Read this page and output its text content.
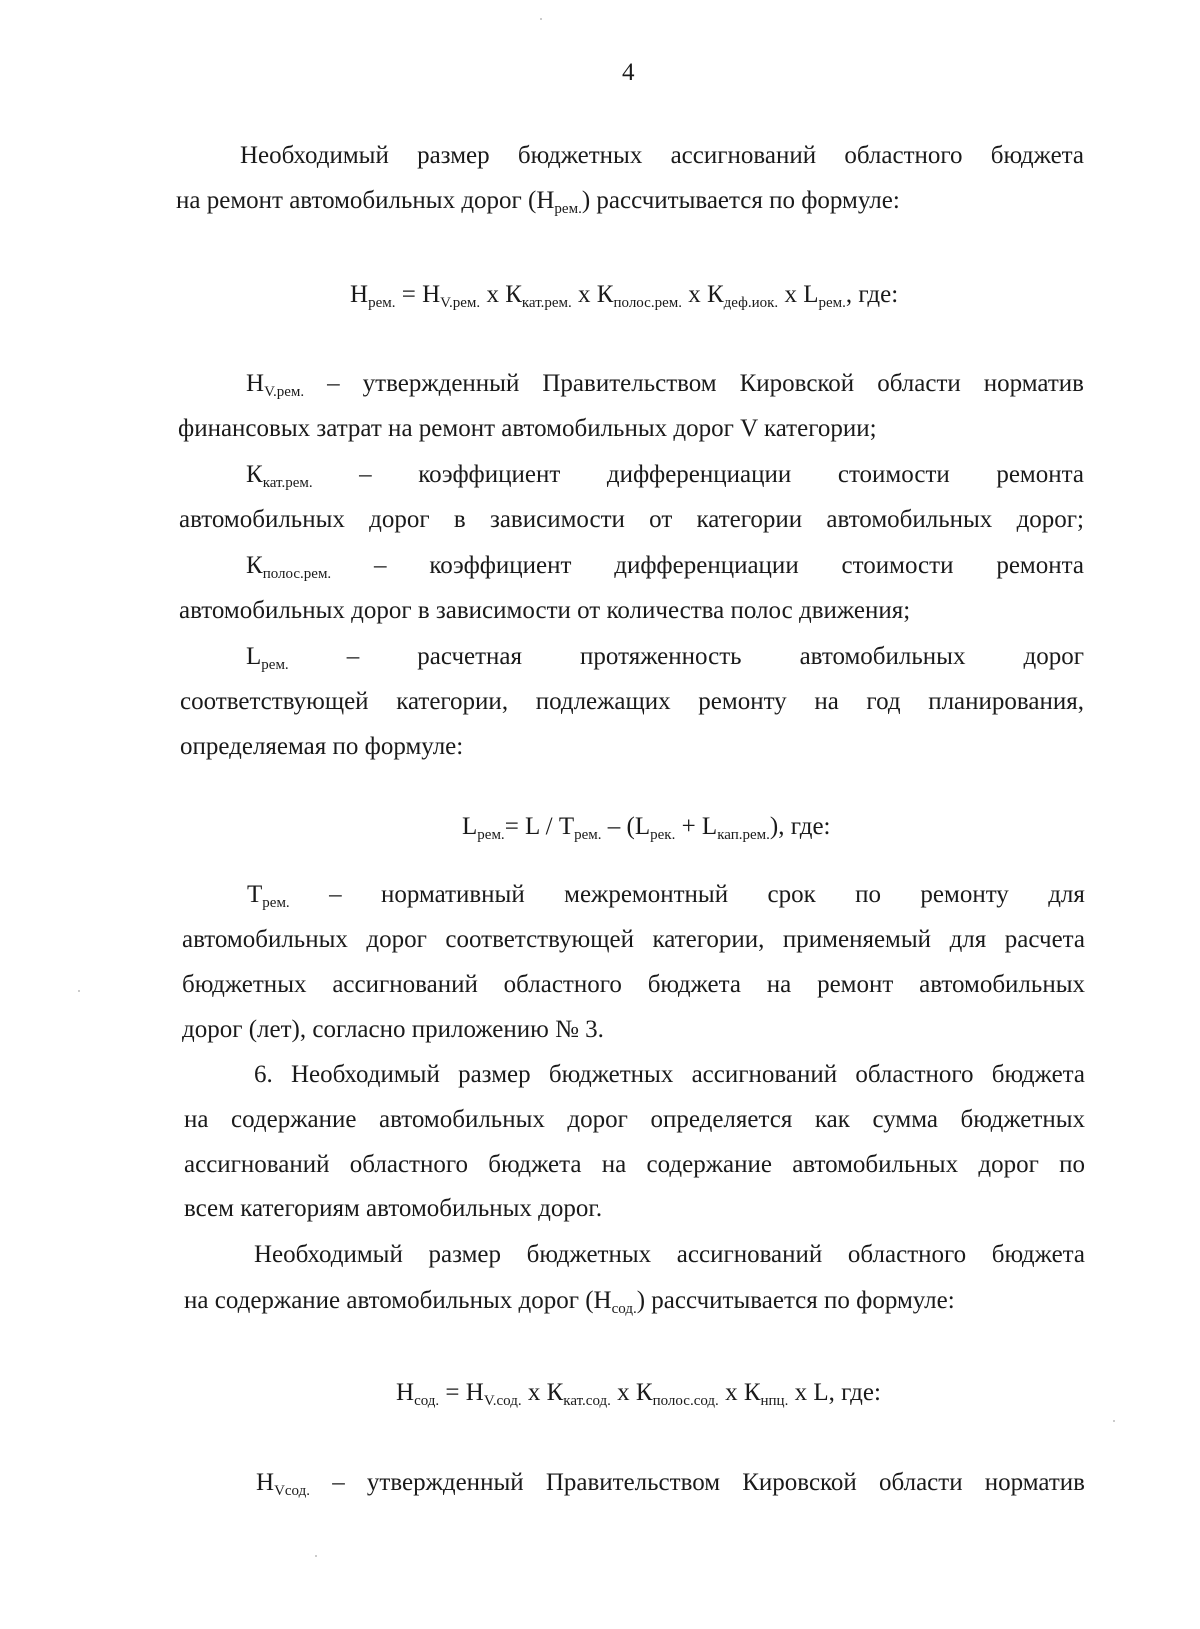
4
Необходимый размер бюджетных ассигнований областного бюджета
на ремонт автомобильных дорог $(Н_{рем.})$ рассчитывается по формуле:
$Н_{рем.} = Н_{V.рем.}$ х $К_{кат.рем.}$ х $К_{полос.рем.}$ х $К_{деф.иок.}$ х $L_{рем.}$, где:
$Н_{V.рем.}$ – утвержденный Правительством Кировской области норматив
финансовых затрат на ремонт автомобильных дорог V категории;
$К_{кат.рем.}$ – коэффициент дифференциации стоимости ремонта
автомобильных дорог в зависимости от категории автомобильных дорог;
$К_{полос.рем.}$ – коэффициент дифференциации стоимости ремонта
автомобильных дорог в зависимости от количества полос движения;
$L_{рем.}$ – расчетная протяженность автомобильных дорог
соответствующей категории, подлежащих ремонту на год планирования,
определяемая по формуле:
$L_{рем.}= L / Т_{рем.} - (L_{рек.} + L_{кап.рем.})$, где:
$Т_{рем.}$ – нормативный межремонтный срок по ремонту для
автомобильных дорог соответствующей категории, применяемый для расчета
бюджетных ассигнований областного бюджета на ремонт автомобильных
дорог (лет), согласно приложению № 3.
6. Необходимый размер бюджетных ассигнований областного бюджета
на содержание автомобильных дорог определяется как сумма бюджетных
ассигнований областного бюджета на содержание автомобильных дорог по
всем категориям автомобильных дорог.
Необходимый размер бюджетных ассигнований областного бюджета
на содержание автомобильных дорог $(Н_{сод.})$ рассчитывается по формуле:
$Н_{сод.} = Н_{V.сод.}$ х $К_{кат.сод.}$ х $К_{полос.сод.}$ х $К_{нпц.}$ х L, где:
$Н_{Vсод.}$ – утвержденный Правительством Кировской области норматив
